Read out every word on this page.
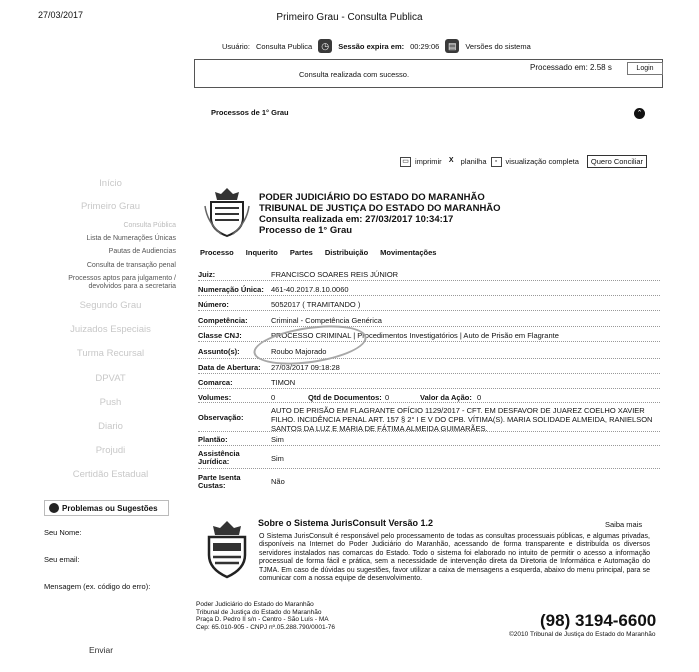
27/03/2017	Primeiro Grau - Consulta Publica
Usuário: Consulta Publica	◷	Sessão expira em: 00:29:06 ▤	Versões do sistema
Consulta realizada com sucesso.
Processado em: 2.58 s	Login
Processos de 1° Grau	⌃
▭ imprimir	X planilha	▫	visualização completa	Quero Conciliar
Início
Primeiro Grau
Consulta Pública
Lista de Numerações Únicas
Pautas de Audiencias
Consulta de transação penal
Processos aptos para julgamento /
devolvidos para a secretaria
Segundo Grau
Juizados Especiais
Turma Recursal
DPVAT
Push
Diario
Projudi
Certidão Estadual
Problemas ou Sugestões
Seu Nome:
Seu email:
Mensagem (ex. código do erro):
Enviar
PODER JUDICIÁRIO DO ESTADO DO MARANHÃO
TRIBUNAL DE JUSTIÇA DO ESTADO DO MARANHÃO
Consulta realizada em: 27/03/2017 10:34:17
Processo de 1° Grau
Processo Inquerito Partes Distribuição Movimentações
Juiz:	FRANCISCO SOARES REIS JÚNIOR
Numeração Única: 461-40.2017.8.10.0060
Número:	5052017 ( TRAMITANDO )
Competência:	Criminal - Competência Genérica
Classe CNJ:	PROCESSO CRIMINAL | Procedimentos Investigatórios | Auto de Prisão em Flagrante
Assunto(s):	Roubo Majorado
Data de Abertura: 27/03/2017 09:18:28
Comarca:	TIMON
Volumes:	0	Qtd de Documentos: 0	Valor da Ação: 0
Observação:
AUTO DE PRISÃO EM FLAGRANTE OFÍCIO 1129/2017 - CFT. EM DESFAVOR DE JUAREZ COELHO XAVIER FILHO. INCIDÊNCIA PENAL ART. 157 § 2° I E V DO CPB. VÍTIMA(S). MARIA SOLIDADE ALMEIDA, RANIELSON SANTOS DA LUZ E MARIA DE FÁTIMA ALMEIDA GUIMARÃES.
Plantão:	Sim
Assistência
Jurídica:	Sim
Parte Isenta
Custas:	Não
Sobre o Sistema JurisConsult Versão 1.2	Saiba mais
O Sistema JurisConsult é responsável pelo processamento de todas as consultas processuais públicas, e algumas privadas, disponíveis na Internet do Poder Judiciário do Maranhão, acessando de forma transparente e distribuída os diversos servidores instalados nas comarcas do Estado. Todo o sistema foi elaborado no intuito de permitir o acesso a informação processual de forma fácil e prática, sem a necessidade de intervenção direta da Diretoria de Informática e Automação do TJMA. Em caso de dúvidas ou sugestões, favor utilizar a caixa de mensagens a esquerda, abaixo do menu principal, para se comunicar com a nossa equipe de desenvolvimento.
Poder Judiciário do Estado do Maranhão
Tribunal de Justiça do Estado do Maranhão
Praça D. Pedro II s/n - Centro - São Luís - MA
Cep: 65.010-905 - CNPJ nº.05.288.790/0001-76	(98) 3194-6600
©2010 Tribunal de Justiça do Estado do Maranhão
